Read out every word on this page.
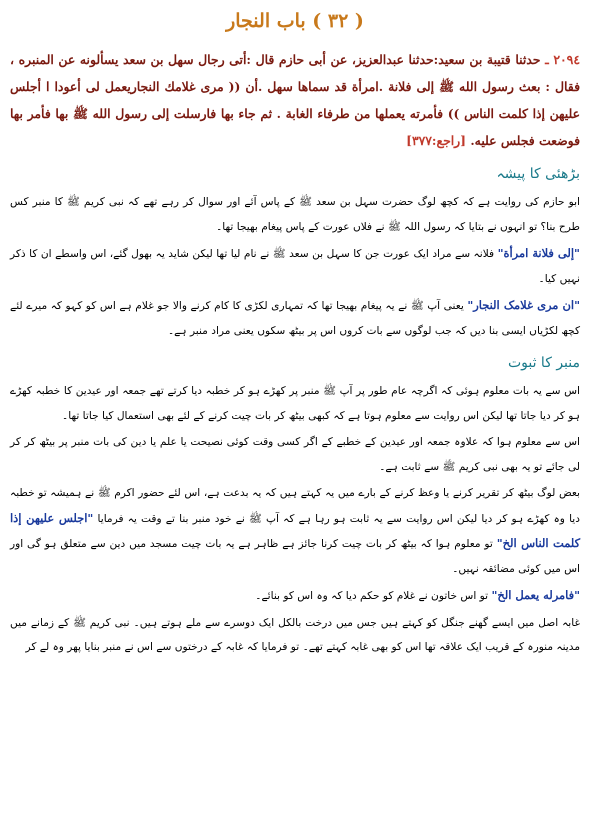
( ٣٢ ) باب النجار

٢٠٩٤ ـ حدثنا قتيبة بن سعيد:حدثنا عبدالعزيز، عن أبى حازم قال :أتى رجال سهل بن سعد يسألونه عن المنبره ، فقال : بعث رسول الله ﷺ إلى فلانة .امرأة قد سماها سهل .أن (( مرى غلامك النجاريعمل لى أعودا ا أجلس عليهن إذا كلمت الناس )) فأمرته يعملها من طرفاء الغابة . ثم جاء بها فارسلت إلى رسول الله ﷺ بها فأمر بها فوضعت فجلس عليه. [راجع:٣٧٧]

بڑھئی کا پیشہ

ابو حازم کی روایت ہے کہ کچھ لوگ حضرت سہل بن سعد ﷺ کے پاس آئے اور سوال کر رہے تھے کہ نبی کریم ﷺ کا منبر کس طرح بنا؟ تو انہوں نے بتایا کہ رسول اللہ ﷺ نے فلاں عورت کے پاس پیغام بھیجا تھا۔

"إلى فلانة امرأة" فلانہ سے مراد ایک عورت جن کا سہل بن سعد ﷺ نے نام لیا تھا لیکن شاید یہ بھول گئے، اس واسطے ان کا ذکر نہیں کیا۔

"ان مرى غلامک النجار" یعنی آپ ﷺ نے یہ پیغام بھیجا تھا کہ تمہاری لکڑی کا کام کرنے والا جو غلام ہے اس کو کہو کہ میرے لئے کچھ لکڑیاں ایسی بنا دیں کہ جب لوگوں سے بات کروں اس پر بیٹھ سکوں یعنی مراد منبر ہے۔

منبر کا ثبوت

اس سے یہ بات معلوم ہوئی کہ اگرچہ عام طور پر آپ ﷺ منبر پر کھڑے ہو کر خطبہ دیا کرتے تھے جمعہ اور عیدین کا خطبہ کھڑے ہو کر دیا جاتا تھا لیکن اس روایت سے معلوم ہوتا ہے کہ کبھی بیٹھ کر بات چیت کرنے کے لئے بھی استعمال کیا جاتا تھا۔

اس سے معلوم ہوا کہ علاوہ جمعہ اور عیدین کے خطبے کے اگر کسی وقت کوئی نصیحت یا علم یا دین کی بات منبر پر بیٹھ کر کر لی جائے تو یہ بھی نبی کریم ﷺ سے ثابت ہے۔

بعض لوگ بیٹھ کر تقریر کرنے یا وعظ کرنے کے بارے میں یہ کہتے ہیں کہ یہ بدعت ہے، اس لئے حضور اکرم ﷺ نے ہمیشہ تو خطبہ دیا وہ کھڑے ہو کر دیا لیکن اس روایت سے یہ ثابت ہو رہا ہے کہ آپ ﷺ نے خود منبر بنا تے وقت یہ فرمایا "اجلس عليهن إذا كلمت الناس الخ" تو معلوم ہوا کہ بیٹھ کر بات چیت کرنا جائز ہے ظاہر ہے یہ بات چیت مسجد میں دین سے متعلق ہو گی اور اس میں کوئی مضائقہ نہیں۔

"فامرله يعمل الخ" تو اس خاتون نے غلام کو حکم دیا کہ وہ اس کو بنائے۔

غابہ اصل میں ایسے گھنے جنگل کو کہتے ہیں جس میں درخت بالکل ایک دوسرے سے ملے ہوتے ہیں۔ نبی کریم ﷺ کے زمانے میں مدینہ منورہ کے قریب ایک علاقہ تھا اس کو بھی غابہ کہتے تھے۔ تو فرمایا کہ غابہ کے درختوں سے اس نے منبر بنایا پھر وہ لے کر
